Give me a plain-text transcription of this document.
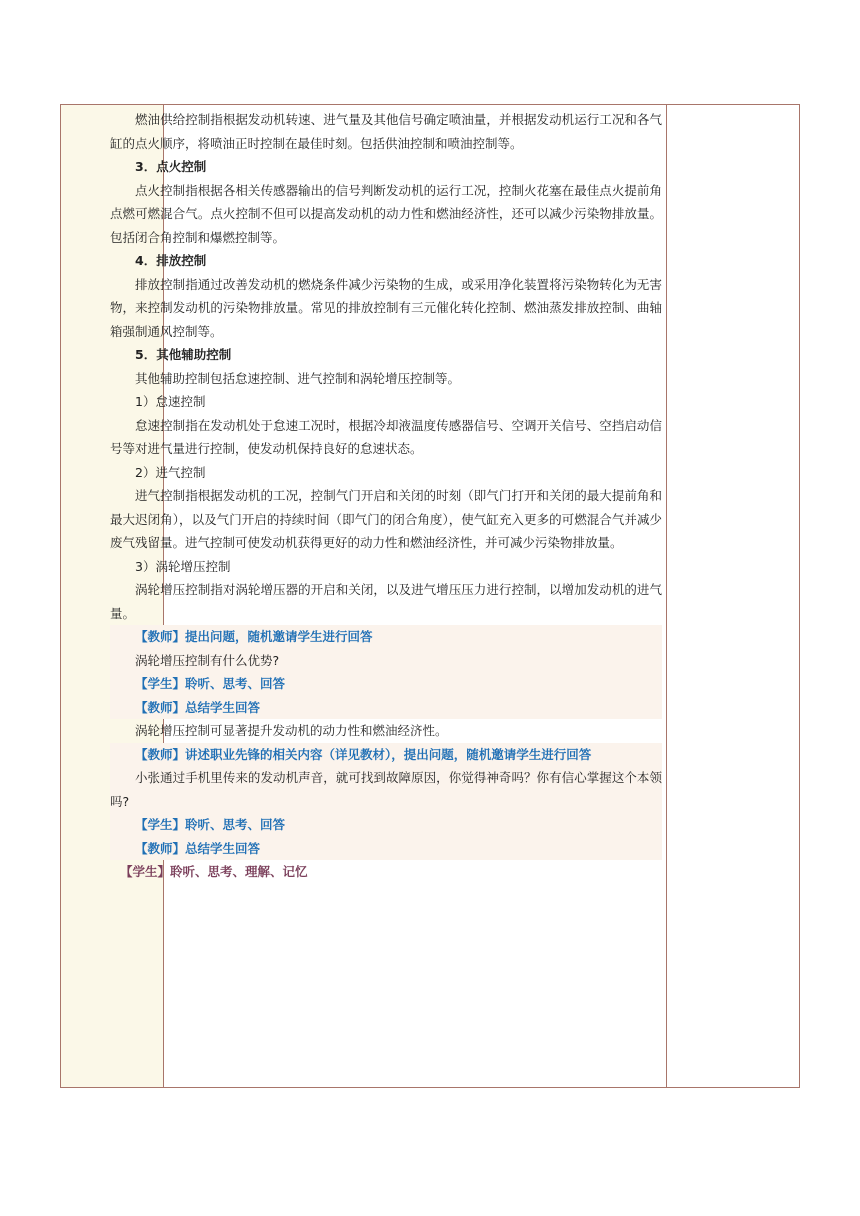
燃油供给控制指根据发动机转速、进气量及其他信号确定喷油量，并根据发动机运行工况和各气缸的点火顺序，将喷油正时控制在最佳时刻。包括供油控制和喷油控制等。

3．点火控制

点火控制指根据各相关传感器输出的信号判断发动机的运行工况，控制火花塞在最佳点火提前角点燃可燃混合气。点火控制不但可以提高发动机的动力性和燃油经济性，还可以减少污染物排放量。包括闭合角控制和爆燃控制等。

4．排放控制

排放控制指通过改善发动机的燃烧条件减少污染物的生成，或采用净化装置将污染物转化为无害物，来控制发动机的污染物排放量。常见的排放控制有三元催化转化控制、燃油蒸发排放控制、曲轴箱强制通风控制等。

5．其他辅助控制

其他辅助控制包括怠速控制、进气控制和涡轮增压控制等。

1）怠速控制

怠速控制指在发动机处于怠速工况时，根据冷却液温度传感器信号、空调开关信号、空挡启动信号等对进气量进行控制，使发动机保持良好的怠速状态。

2）进气控制

进气控制指根据发动机的工况，控制气门开启和关闭的时刻（即气门打开和关闭的最大提前角和最大迟闭角），以及气门开启的持续时间（即气门的闭合角度），使气缸充入更多的可燃混合气并减少废气残留量。进气控制可使发动机获得更好的动力性和燃油经济性，并可减少污染物排放量。

3）涡轮增压控制

涡轮增压控制指对涡轮增压器的开启和关闭，以及进气增压压力进行控制，以增加发动机的进气量。

【教师】提出问题，随机邀请学生进行回答

涡轮增压控制有什么优势?

【学生】聆听、思考、回答

【教师】总结学生回答

涡轮增压控制可显著提升发动机的动力性和燃油经济性。

【教师】讲述职业先锋的相关内容（详见教材），提出问题，随机邀请学生进行回答

小张通过手机里传来的发动机声音，就可找到故障原因，你觉得神奇吗？你有信心掌握这个本领吗?

【学生】聆听、思考、回答

【教师】总结学生回答

【学生】聆听、思考、理解、记忆
